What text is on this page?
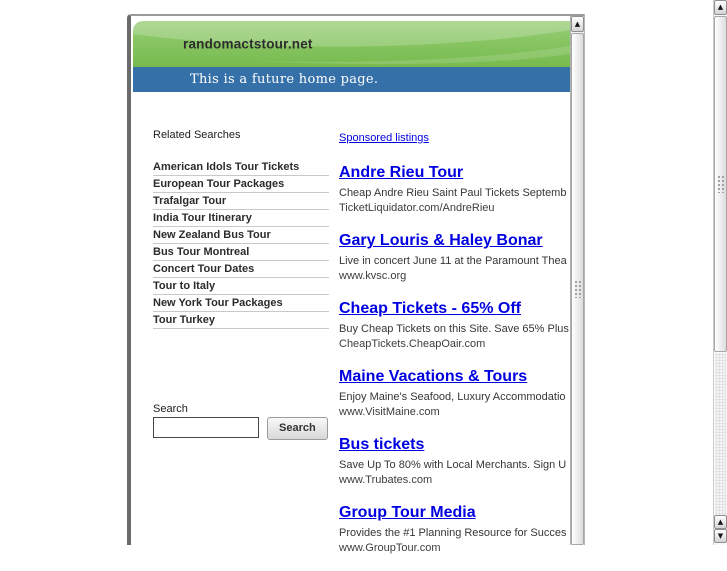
randomactstour.net
This is a future home page.
Related Searches
American Idols Tour Tickets
European Tour Packages
Trafalgar Tour
India Tour Itinerary
New Zealand Bus Tour
Bus Tour Montreal
Concert Tour Dates
Tour to Italy
New York Tour Packages
Tour Turkey
Search
Search
Sponsored listings
Andre Rieu Tour
Cheap Andre Rieu Saint Paul Tickets Septemb
TicketLiquidator.com/AndreRieu
Gary Louris & Haley Bonar
Live in concert June 11 at the Paramount Thea
www.kvsc.org
Cheap Tickets - 65% Off
Buy Cheap Tickets on this Site. Save 65% Plus
CheapTickets.CheapOair.com
Maine Vacations & Tours
Enjoy Maine's Seafood, Luxury Accommodatio
www.VisitMaine.com
Bus tickets
Save Up To 80% with Local Merchants. Sign U
www.Trubates.com
Group Tour Media
Provides the #1 Planning Resource for Succes
www.GroupTour.com
▲
▲
▲
▼
